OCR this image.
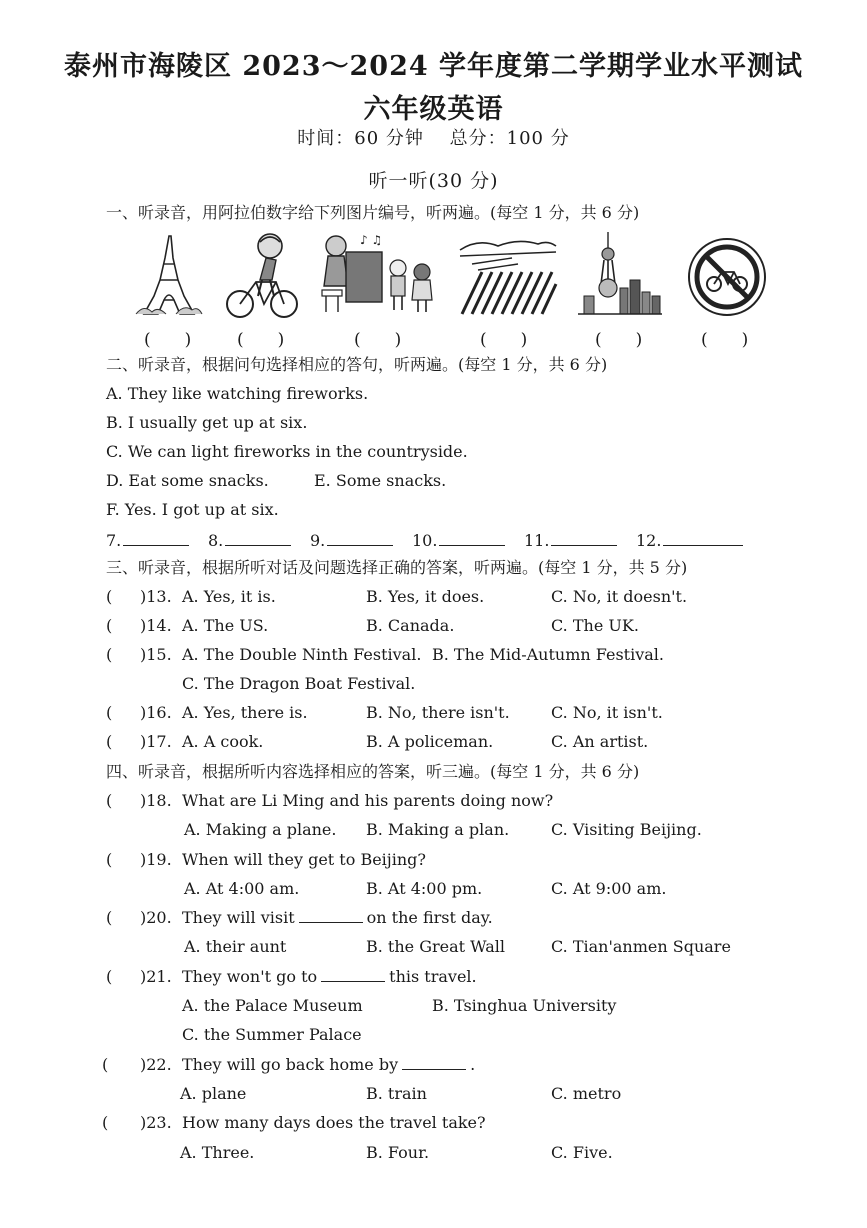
泰州市海陵区 2023～2024 学年度第二学期学业水平测试
六年级英语
时间：60 分钟　 总分：100 分
听一听(30 分)
一、听录音，用阿拉伯数字给下列图片编号，听两遍。(每空 1 分，共 6 分)
(　　)	(　　)
♪ ♫
(　　)	(　　)	(　　)	(　　)
二、听录音，根据问句选择相应的答句，听两遍。(每空 1 分，共 6 分)
A. They like watching fireworks.
B. I usually get up at six.
C. We can light fireworks in the countryside.
D. Eat some snacks.	E. Some snacks.
F. Yes. I got up at six.
7.	8.	9.	10.	11.	12.
三、听录音，根据所听对话及问题选择正确的答案，听两遍。(每空 1 分，共 5 分)
( )13. A. Yes, it is.	B. Yes, it does.	C. No, it doesn't.
( )14. A. The US.	B. Canada.	C. The UK.
( )15. A. The Double Ninth Festival. B. The Mid-Autumn Festival.
C. The Dragon Boat Festival.
( )16. A. Yes, there is.	B. No, there isn't.	C. No, it isn't.
( )17. A. A cook.	B. A policeman.	C. An artist.
四、听录音，根据所听内容选择相应的答案，听三遍。(每空 1 分，共 6 分)
( )18. What are Li Ming and his parents doing now?
A. Making a plane. B. Making a plan.	C. Visiting Beijing.
( )19. When will they get to Beijing?
A. At 4:00 am.	B. At 4:00 pm.	C. At 9:00 am.
( )20. They will visit	on the first day.
A. their aunt	B. the Great Wall	C. Tian'anmen Square
( )21. They won't go to	this travel.
A. the Palace Museum	B. Tsinghua University
C. the Summer Palace
( )22. They will go back home by	.
A. plane	B. train	C. metro
( )23. How many days does the travel take?
A. Three.	B. Four.	C. Five.
